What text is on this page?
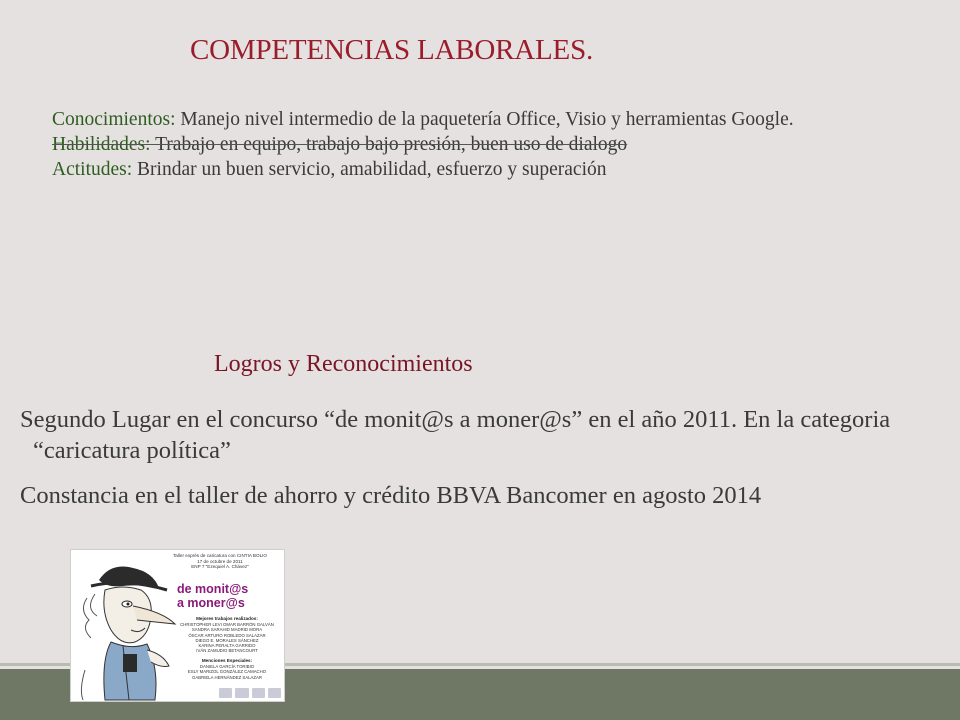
COMPETENCIAS LABORALES.
Conocimientos: Manejo nivel intermedio de la paquetería Office, Visio y herramientas Google.
Habilidades: Trabajo en equipo, trabajo bajo presión, buen uso de dialogo
Actitudes: Brindar un buen servicio, amabilidad, esfuerzo y superación
Logros y Reconocimientos

Segundo Lugar en el concurso “de monit@s a moner@s” en el año 2011. En la categoria “caricatura política”

Constancia en el taller de ahorro y crédito BBVA Bancomer en agosto 2014

Taller exprés de caricatura con CINTIA BOLIO
17 de octubre de 2011
ENP 7 "Ezequiel A. Chávez"
de monit@s
a moner@s
Mejores trabajos realizados:
CHRISTOPHER LEVI OMAR BARRÓN GALVÁN
SANDRA SARAHID MADRID MORA
ÓSCAR ARTURO ROBLEDO SALAZAR
DIEGO E. MORALES SÁNCHEZ
KARINA PERALTA GARRIDO
IVÁN ZAMUDIO BETANCOURT
Menciones Especiales:
DANIELA GARCÍA TORIBIO
ESLY MARIZOL GONZÁLEZ CAMACHO
GABRIELA HERNÁNDEZ SALAZAR
